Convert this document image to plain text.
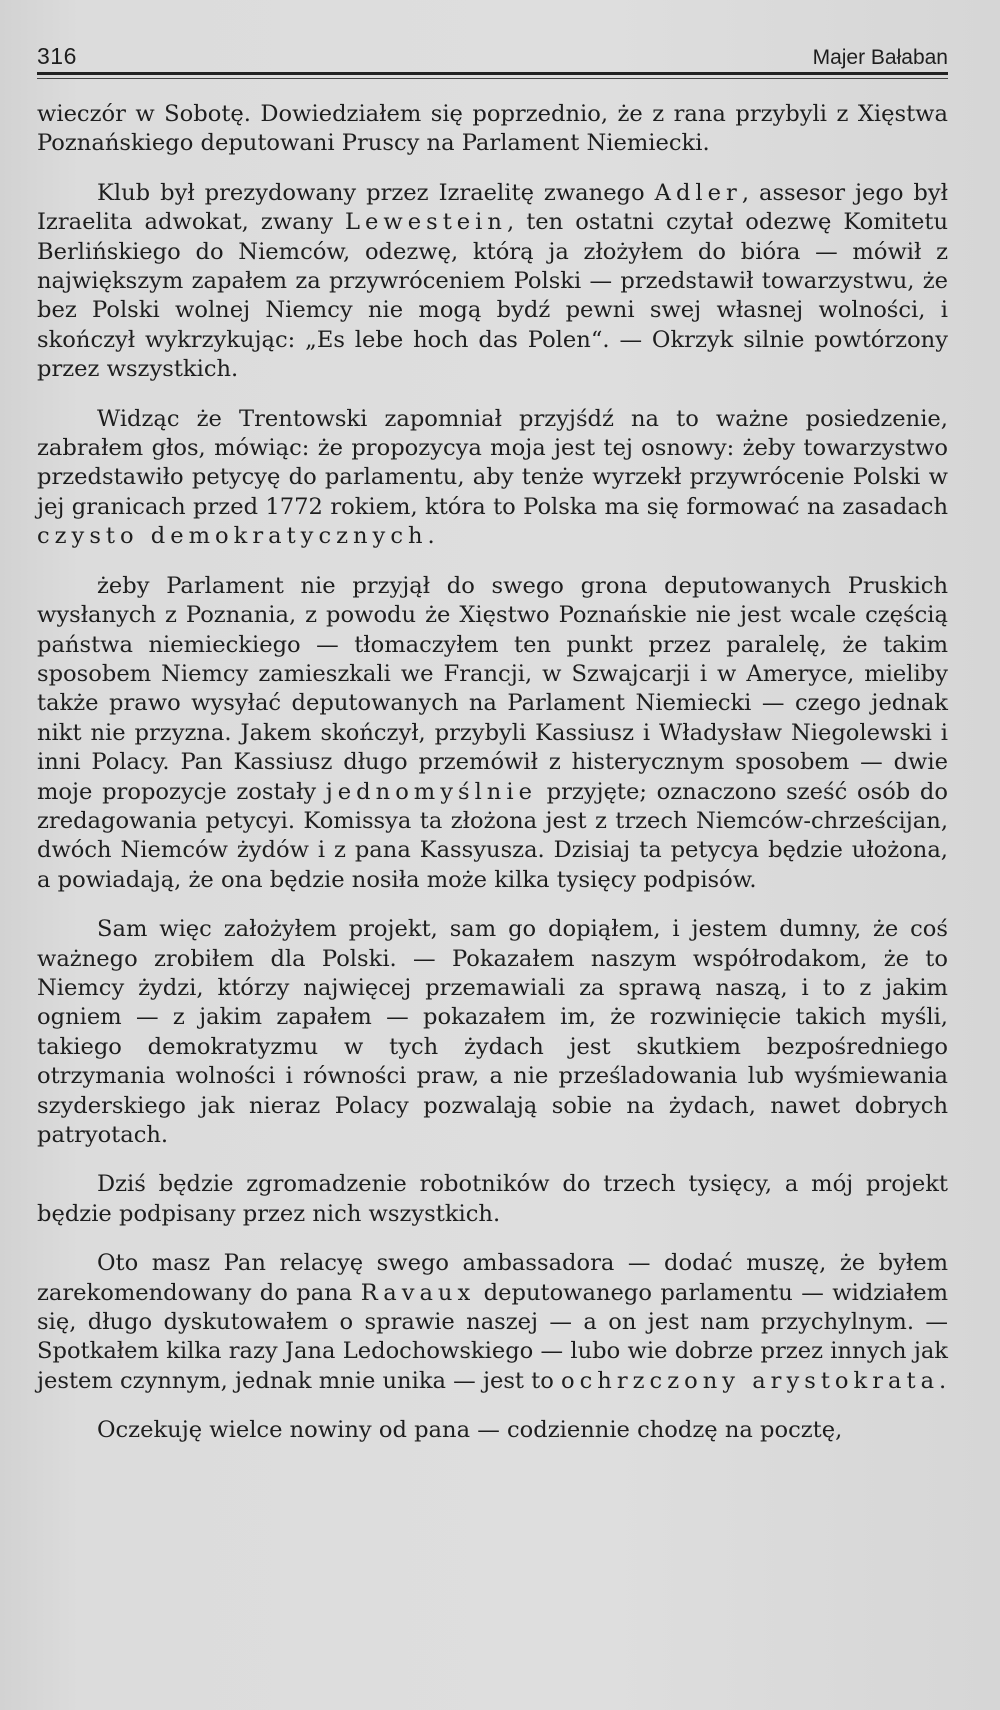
316	Majer Bałaban

wieczór w Sobotę. Dowiedziałem się poprzednio, że z rana przybyli z Xięstwa Poznańskiego deputowani Pruscy na Parlament Niemiecki.

Klub był prezydowany przez Izraelitę zwanego Adler, assesor jego był Izraelita adwokat, zwany Lewestein, ten ostatni czytał odezwę Komitetu Berlińskiego do Niemców, odezwę, którą ja złożyłem do bióra — mówił z największym zapałem za przywróceniem Polski — przedstawił towarzystwu, że bez Polski wolnej Niemcy nie mogą bydź pewni swej własnej wolności, i skończył wykrzykując: „Es lebe hoch das Polen“. — Okrzyk silnie powtórzony przez wszystkich.

Widząc że Trentowski zapomniał przyjśdź na to ważne posiedzenie, zabrałem głos, mówiąc: że propozycya moja jest tej osnowy: żeby towarzystwo przedstawiło petycyę do parlamentu, aby tenże wyrzekł przywrócenie Polski w jej granicach przed 1772 rokiem, która to Polska ma się formować na zasadach czysto demokratycznych.

żeby Parlament nie przyjął do swego grona deputowanych Pruskich wysłanych z Poznania, z powodu że Xięstwo Poznańskie nie jest wcale częścią państwa niemieckiego — tłomaczyłem ten punkt przez paralelę, że takim sposobem Niemcy zamieszkali we Francji, w Szwajcarji i w Ameryce, mieliby także prawo wysyłać deputowanych na Parlament Niemiecki — czego jednak nikt nie przyzna. Jakem skończył, przybyli Kassiusz i Władysław Niegolewski i inni Polacy. Pan Kassiusz długo przemówił z histerycznym sposobem — dwie moje propozycje zostały jednomyślnie przyjęte; oznaczono sześć osób do zredagowania petycyi. Komissya ta złożona jest z trzech Niemców-chrześcijan, dwóch Niemców żydów i z pana Kassyusza. Dzisiaj ta petycya będzie ułożona, a powiadają, że ona będzie nosiła może kilka tysięcy podpisów.

Sam więc założyłem projekt, sam go dopiąłem, i jestem dumny, że coś ważnego zrobiłem dla Polski. — Pokazałem naszym współrodakom, że to Niemcy żydzi, którzy najwięcej przemawiali za sprawą naszą, i to z jakim ogniem — z jakim zapałem — pokazałem im, że rozwinięcie takich myśli, takiego demokratyzmu w tych żydach jest skutkiem bezpośredniego otrzymania wolności i równości praw, a nie prześladowania lub wyśmiewania szyderskiego jak nieraz Polacy pozwalają sobie na żydach, nawet dobrych patryotach.

Dziś będzie zgromadzenie robotników do trzech tysięcy, a mój projekt będzie podpisany przez nich wszystkich.

Oto masz Pan relacyę swego ambassadora — dodać muszę, że byłem zarekomendowany do pana Ravaux deputowanego parlamentu — widziałem się, długo dyskutowałem o sprawie naszej — a on jest nam przychylnym. — Spotkałem kilka razy Jana Ledochowskiego — lubo wie dobrze przez innych jak jestem czynnym, jednak mnie unika — jest to ochrzczony arystokrata.

Oczekuję wielce nowiny od pana — codziennie chodzę na pocztę,
